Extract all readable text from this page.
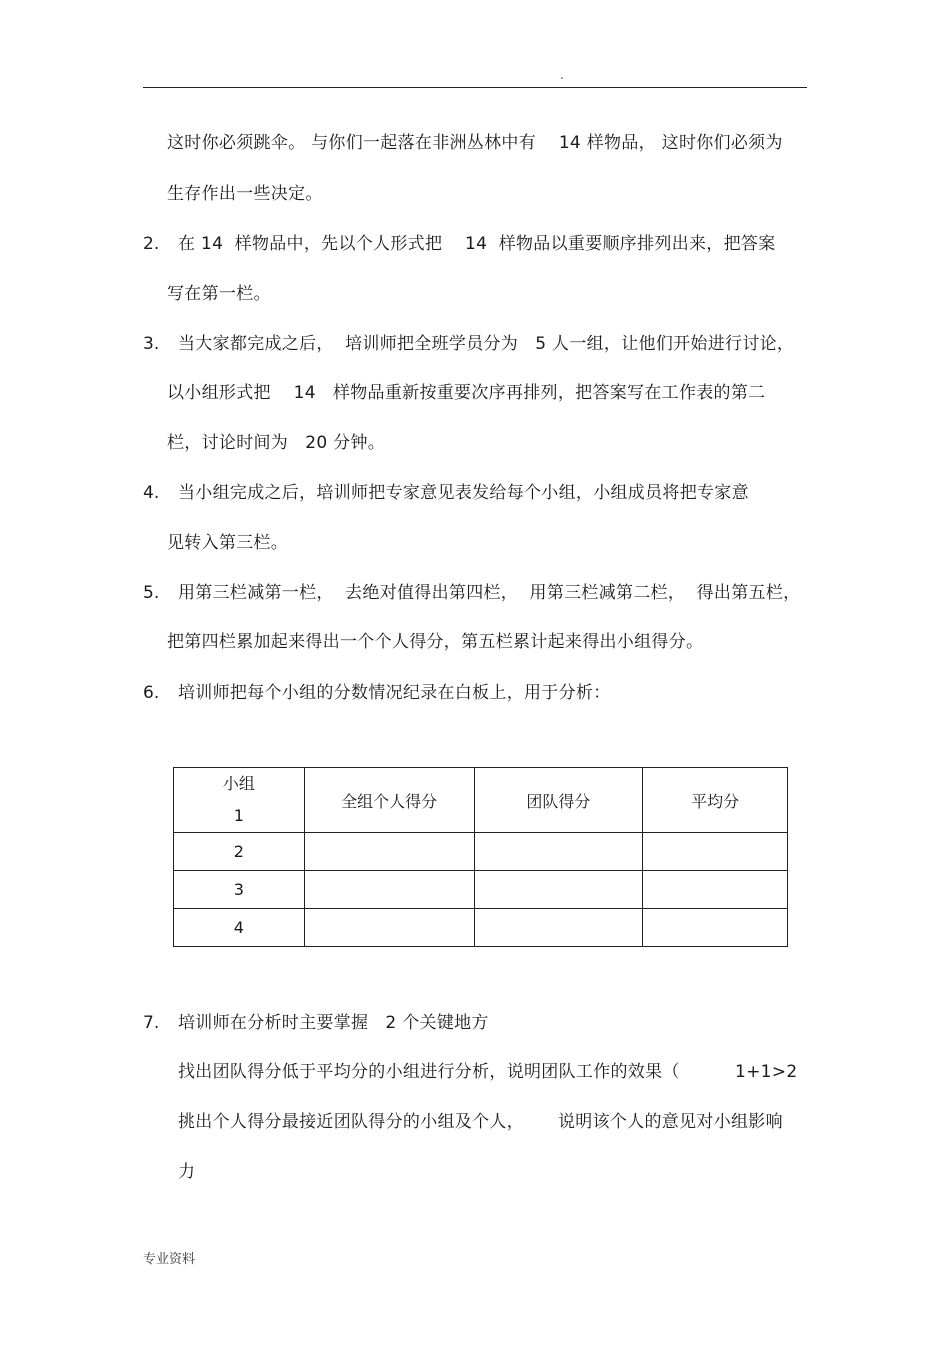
.
这时你必须跳伞。 与你们一起落在非洲丛林中有    14 样物品， 这时你们必须为
生存作出一些决定。
2. 在 14  样物品中，先以个人形式把    14  样物品以重要顺序排列出来，把答案
写在第一栏。
3. 当大家都完成之后，  培训师把全班学员分为   5 人一组，让他们开始进行讨论，
以小组形式把    14   样物品重新按重要次序再排列，把答案写在工作表的第二
栏，讨论时间为   20 分钟。
4. 当小组完成之后，培训师把专家意见表发给每个小组，小组成员将把专家意
见转入第三栏。
5. 用第三栏减第一栏，  去绝对值得出第四栏，  用第三栏减第二栏，  得出第五栏，
把第四栏累加起来得出一个个人得分，第五栏累计起来得出小组得分。
6. 培训师把每个小组的分数情况纪录在白板上，用于分析：
小组
1	全组个人得分	团队得分	平均分
2			
3			
4			
7. 培训师在分析时主要掌握   2 个关键地方
找出团队得分低于平均分的小组进行分析，说明团队工作的效果（	1+1>2
挑出个人得分最接近团队得分的小组及个人， 说明该个人的意见对小组影响
力
专业资料
